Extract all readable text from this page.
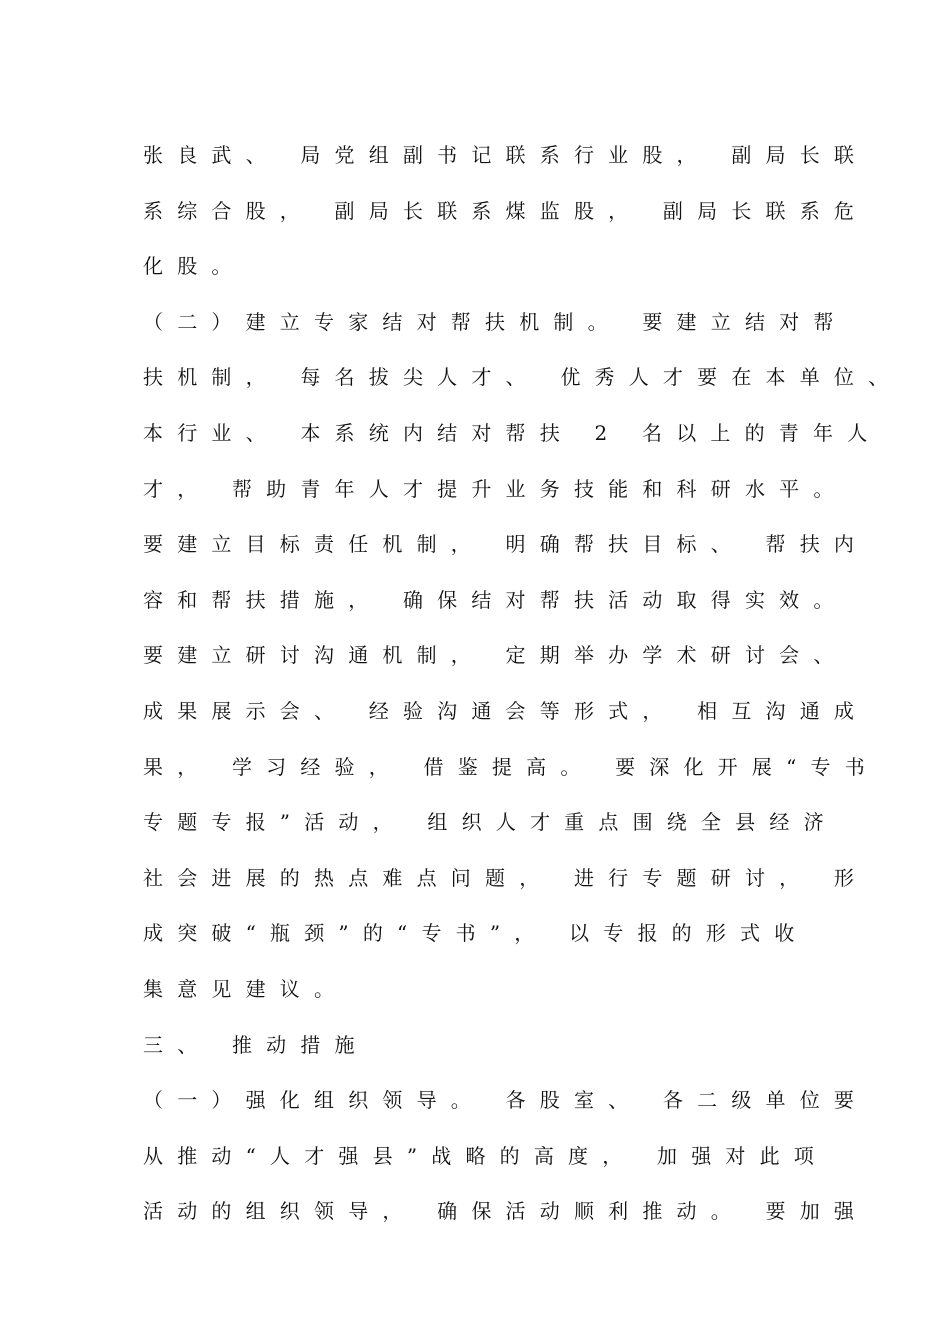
张良武、 局党组副书记联系行业股， 副局长联
系综合股， 副局长联系煤监股， 副局长联系危
化股。
（二）建立专家结对帮扶机制。 要建立结对帮
扶机制， 每名拔尖人才、 优秀人才要在本单位、
本行业、 本系统内结对帮扶 2 名以上的青年人
才， 帮助青年人才提升业务技能和科研水平。
要建立目标责任机制， 明确帮扶目标、 帮扶内
容和帮扶措施， 确保结对帮扶活动取得实效。
要建立研讨沟通机制， 定期举办学术研讨会、
成果展示会、 经验沟通会等形式， 相互沟通成
果， 学习经验， 借鉴提高。 要深化开展“专书
专题专报”活动， 组织人才重点围绕全县经济
社会进展的热点难点问题， 进行专题研讨， 形
成突破“瓶颈”的“专书”， 以专报的形式收
集意见建议。
三、 推动措施
（一）强化组织领导。 各股室、 各二级单位要
从推动“人才强县”战略的高度， 加强对此项
活动的组织领导， 确保活动顺利推动。 要加强
